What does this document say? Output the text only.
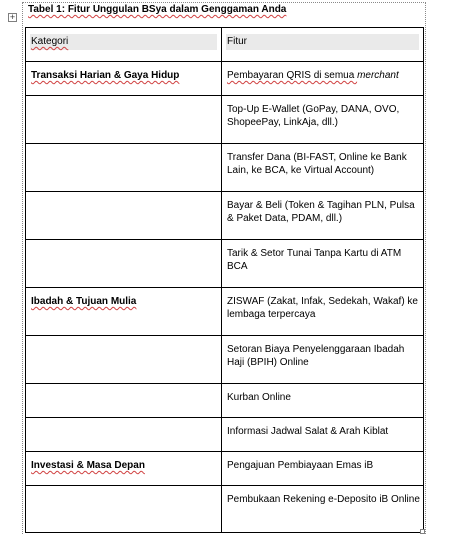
+
Tabel 1: Fitur Unggulan BSya dalam Genggaman Anda
Kategori	Fitur

Transaksi Harian & Gaya Hidup	Pembayaran QRIS di semua merchant

	Top-Up E-Wallet (GoPay, DANA, OVO, ShopeePay, LinkAja, dll.)

	Transfer Dana (BI-FAST, Online ke Bank Lain, ke BCA, ke Virtual Account)

	Bayar & Beli (Token & Tagihan PLN, Pulsa & Paket Data, PDAM, dll.)

	Tarik & Setor Tunai Tanpa Kartu di ATM BCA

Ibadah & Tujuan Mulia	ZISWAF (Zakat, Infak, Sedekah, Wakaf) ke lembaga terpercaya

	Setoran Biaya Penyelenggaraan Ibadah Haji (BPIH) Online

	Kurban Online

	Informasi Jadwal Salat & Arah Kiblat

Investasi & Masa Depan	Pengajuan Pembiayaan Emas iB

	Pembukaan Rekening e-Deposito iB Online
